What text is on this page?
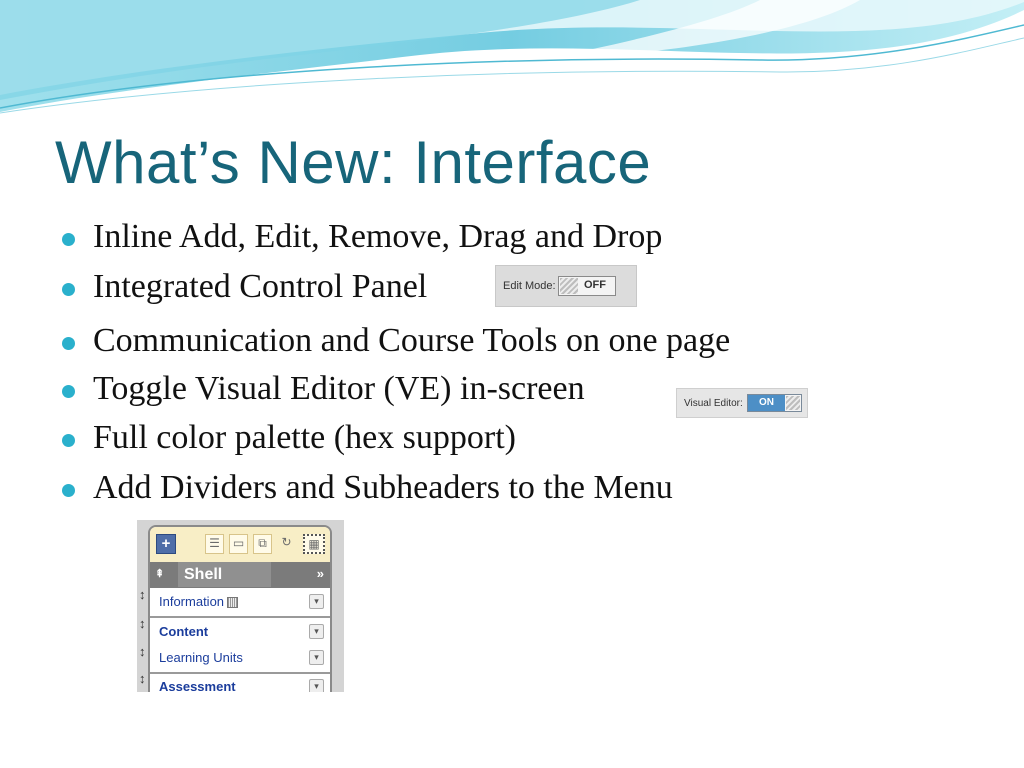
What’s New: Interface
Inline Add, Edit, Remove, Drag and Drop
Integrated Control Panel
Communication and Course Tools on one page
Toggle Visual Editor (VE) in-screen
Full color palette (hex support)
Add Dividers and Subheaders to the Menu
Edit Mode:	OFF
Visual Editor:	ON
↕
↕
↕
↕
+	☰	▭	⧉	↻	▦
⇞	Shell	»
Information	▾
Content	▾
Learning Units	▾
Assessment	▾
